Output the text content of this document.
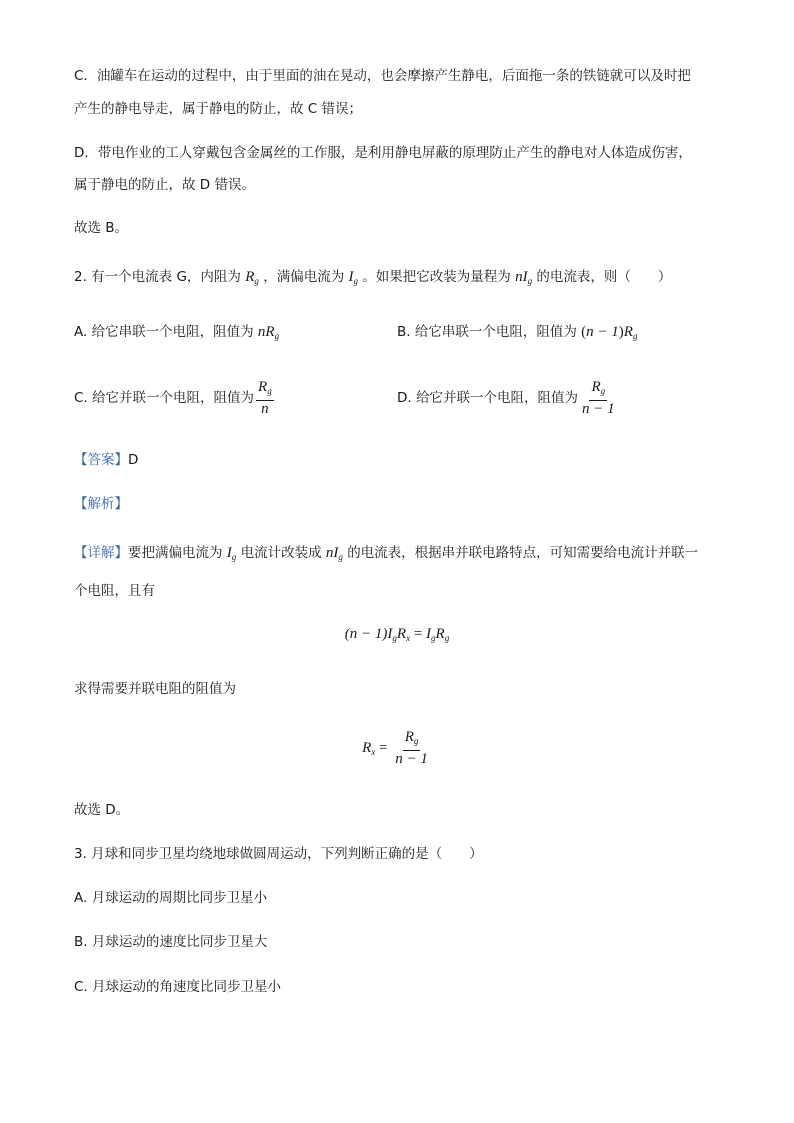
C．油罐车在运动的过程中，由于里面的油在晃动，也会摩擦产生静电，后面拖一条的铁链就可以及时把
产生的静电导走，属于静电的防止，故 C 错误；
D．带电作业的工人穿戴包含金属丝的工作服，是利用静电屏蔽的原理防止产生的静电对人体造成伤害，
属于静电的防止，故 D 错误。
故选 B。
2. 有一个电流表 G，内阻为 $R_g$ ，满偏电流为 $I_g$ 。如果把它改装为量程为 $nI_g$ 的电流表，则（　　）
A. 给它串联一个电阻，阻值为 $nR_g$	B. 给它串联一个电阻，阻值为 $(n - 1)R_g$
C. 给它并联一个电阻，阻值为 $\frac{R_g}{n}$	D. 给它并联一个电阻，阻值为 $\frac{R_g}{n - 1}$
【答案】D
【解析】
【详解】要把满偏电流为 $I_g$ 电流计改装成 $nI_g$ 的电流表，根据串并联电路特点，可知需要给电流计并联一
个电阻，且有
$(n - 1)I_gR_x = I_gR_g$
求得需要并联电阻的阻值为
$R_x = \frac{R_g}{n - 1}$
故选 D。
3. 月球和同步卫星均绕地球做圆周运动，下列判断正确的是（　　）
A. 月球运动的周期比同步卫星小
B. 月球运动的速度比同步卫星大
C. 月球运动的角速度比同步卫星小
